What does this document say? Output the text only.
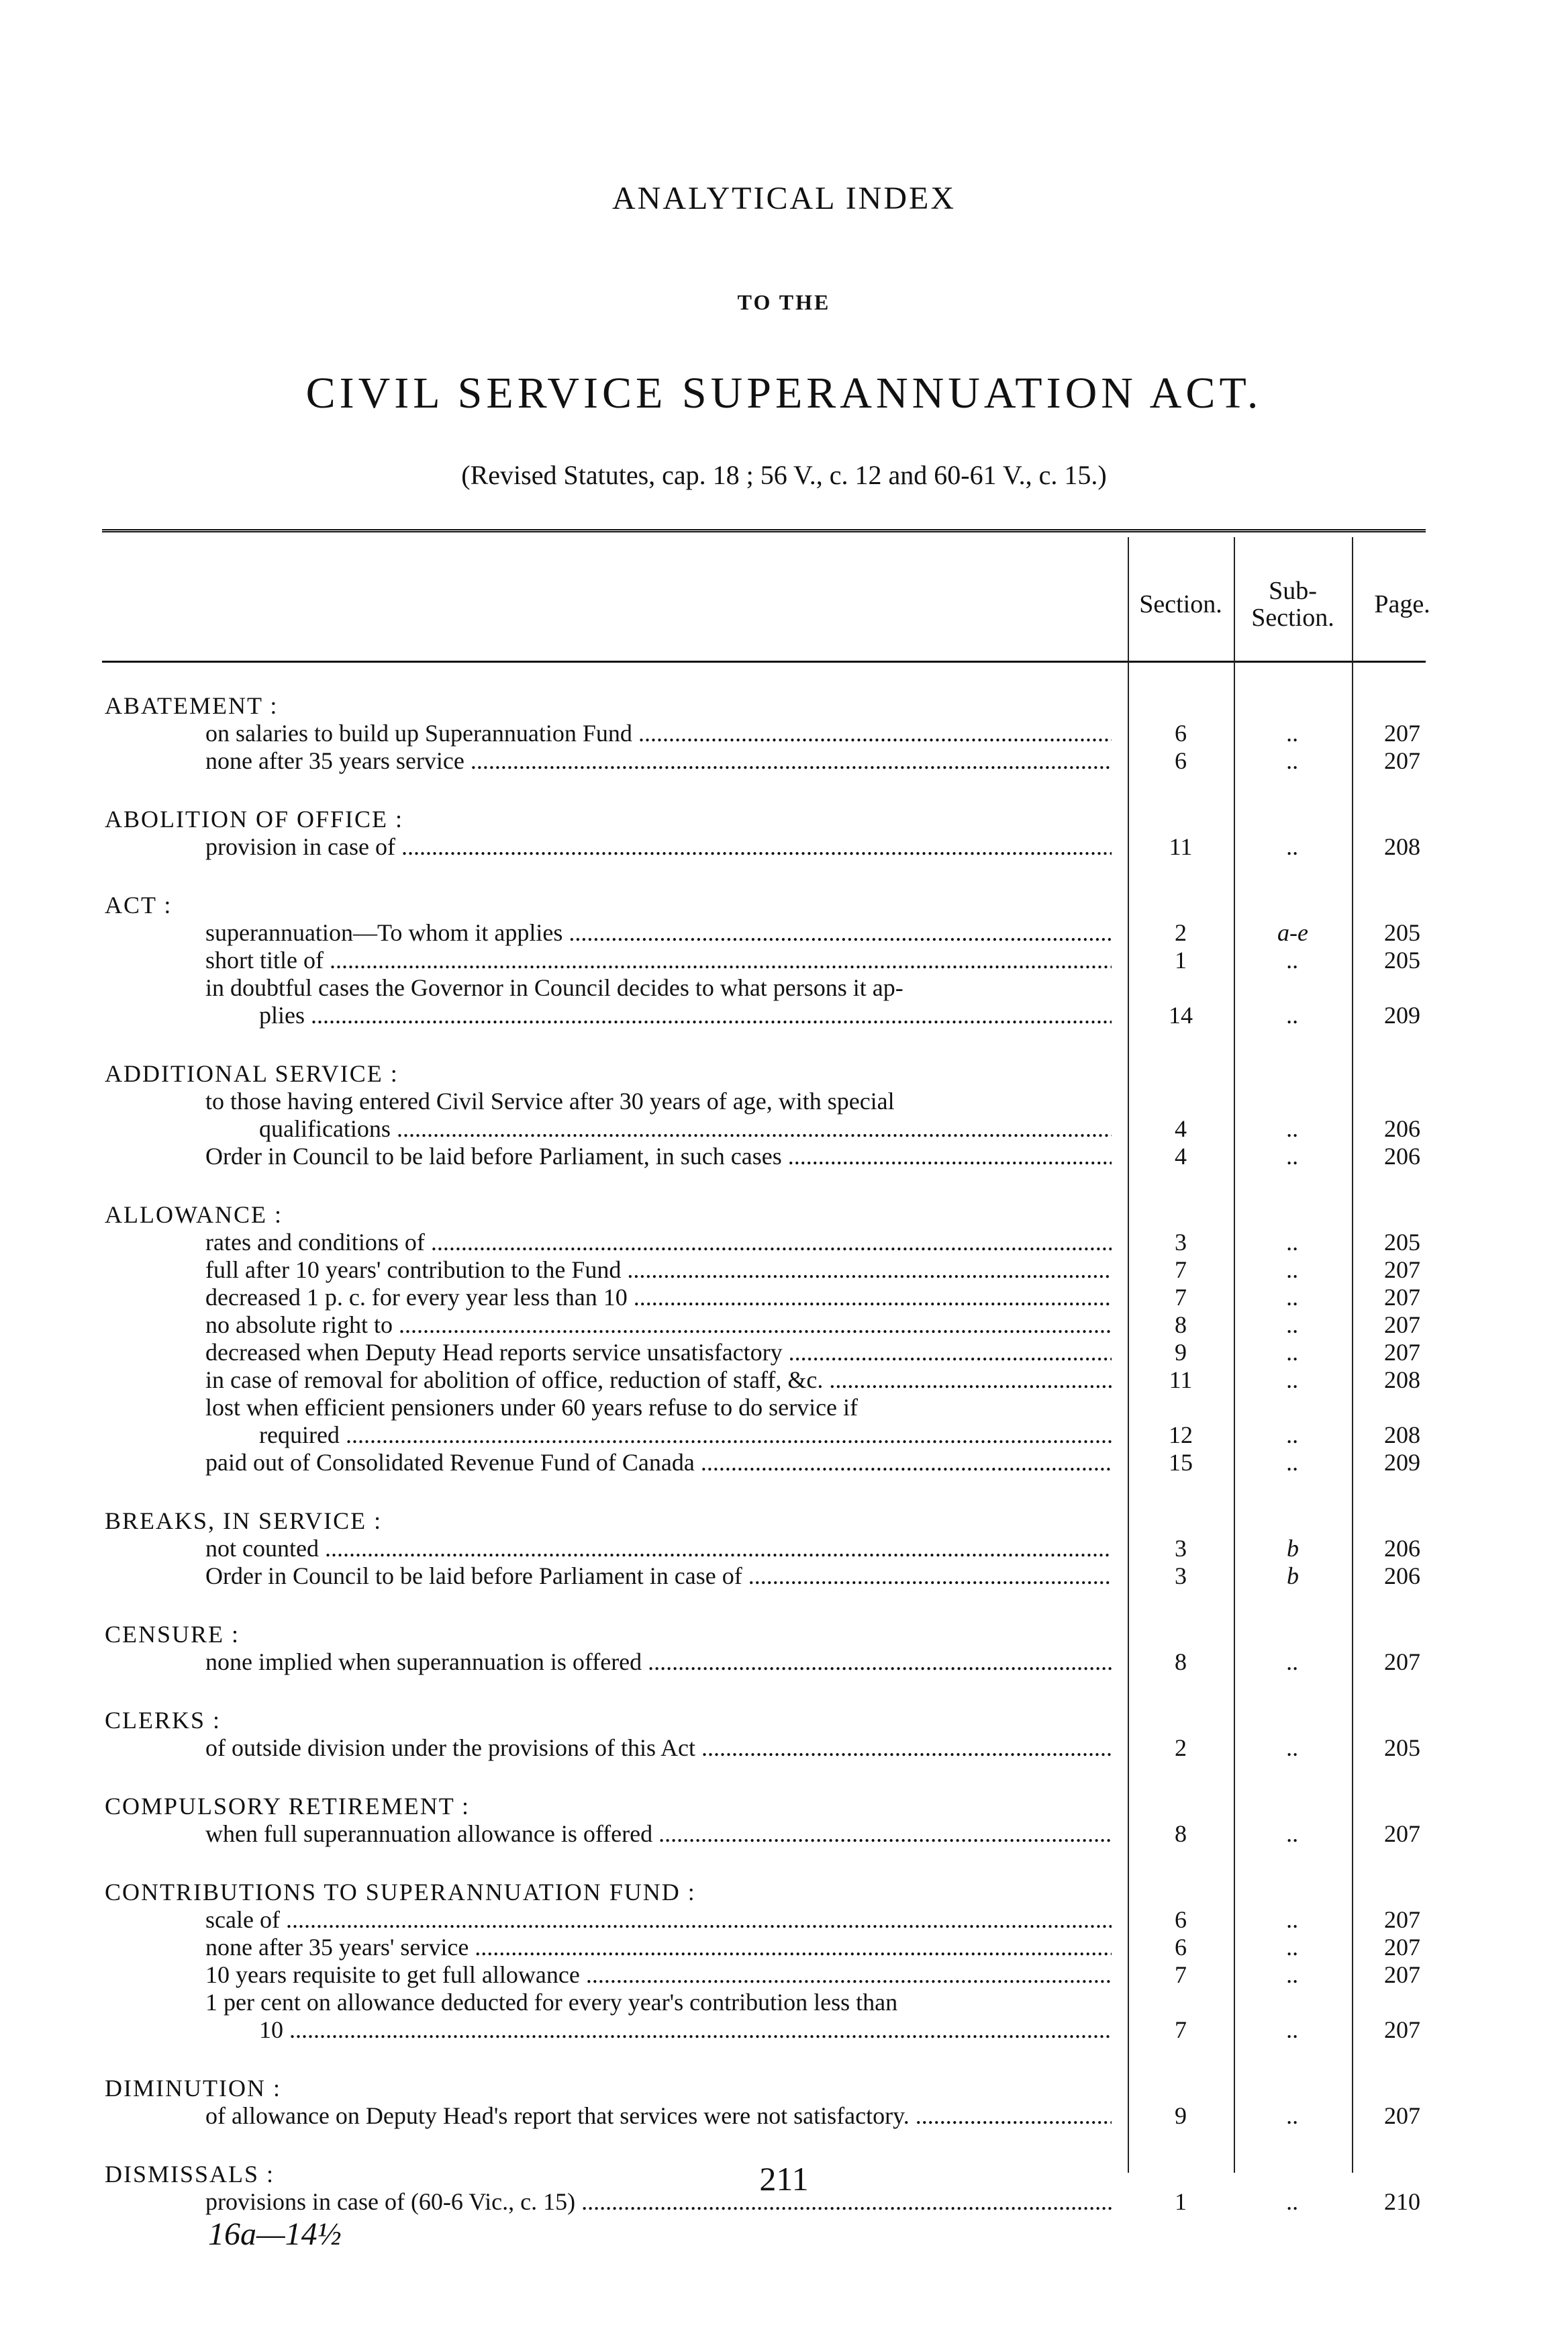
ANALYTICAL INDEX
TO THE
CIVIL SERVICE SUPERANNUATION ACT.
(Revised Statutes, cap. 18 ; 56 V., c. 12 and 60-61 V., c. 15.)
Section.	Sub-Section.	Page.
ABATEMENT :
on salaries to build up Superannuation Fund .....	6	..	207
none after 35 years service .....	6	..	207
ABOLITION OF OFFICE :
provision in case of .....	11	..	208
ACT :
superannuation—To whom it applies .....	2	a-e	205
short title of .....	1	..	205
in doubtful cases the Governor in Council decides to what persons it ap-
plies .....	14	..	209
ADDITIONAL SERVICE :
to those having entered Civil Service after 30 years of age, with special
qualifications .....	4	..	206
Order in Council to be laid before Parliament, in such cases .....	4	..	206
ALLOWANCE :
rates and conditions of .....	3	..	205
full after 10 years' contribution to the Fund .....	7	..	207
decreased 1 p. c. for every year less than 10 .....	7	..	207
no absolute right to .....	8	..	207
decreased when Deputy Head reports service unsatisfactory .....	9	..	207
in case of removal for abolition of office, reduction of staff, &c. .....	11	..	208
lost when efficient pensioners under 60 years refuse to do service if
required .....	12	..	208
paid out of Consolidated Revenue Fund of Canada .....	15	..	209
BREAKS, IN SERVICE :
not counted .....	3	b	206
Order in Council to be laid before Parliament in case of .....	3	b	206
CENSURE :
none implied when superannuation is offered .....	8	..	207
CLERKS :
of outside division under the provisions of this Act .....	2	..	205
COMPULSORY RETIREMENT :
when full superannuation allowance is offered .....	8	..	207
CONTRIBUTIONS TO SUPERANNUATION FUND :
scale of .....	6	..	207
none after 35 years' service .....	6	..	207
10 years requisite to get full allowance .....	7	..	207
1 per cent on allowance deducted for every year's contribution less than
10 .....	7	..	207
DIMINUTION :
of allowance on Deputy Head's report that services were not satisfactory. .....	9	..	207
DISMISSALS :
provisions in case of (60-6 Vic., c. 15) .....	1	..	210
211
16a—14½
